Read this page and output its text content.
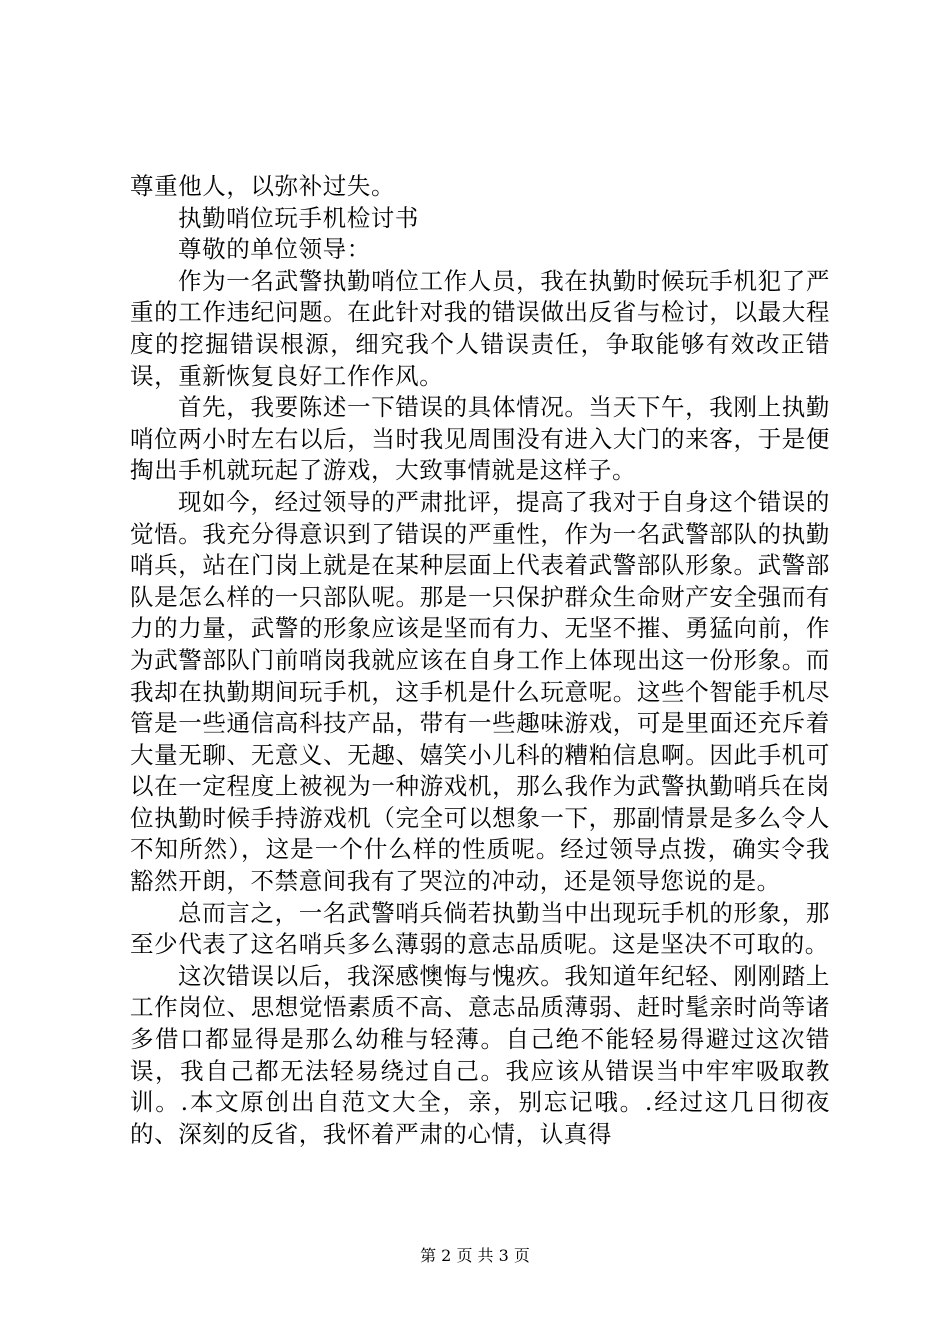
尊重他人，以弥补过失。

执勤哨位玩手机检讨书

尊敬的单位领导：

作为一名武警执勤哨位工作人员，我在执勤时候玩手机犯了严重的工作违纪问题。在此针对我的错误做出反省与检讨，以最大程度的挖掘错误根源，细究我个人错误责任，争取能够有效改正错误，重新恢复良好工作作风。

首先，我要陈述一下错误的具体情况。当天下午，我刚上执勤哨位两小时左右以后，当时我见周围没有进入大门的来客，于是便掏出手机就玩起了游戏，大致事情就是这样子。

现如今，经过领导的严肃批评，提高了我对于自身这个错误的觉悟。我充分得意识到了错误的严重性，作为一名武警部队的执勤哨兵，站在门岗上就是在某种层面上代表着武警部队形象。武警部队是怎么样的一只部队呢。那是一只保护群众生命财产安全强而有力的力量，武警的形象应该是坚而有力、无坚不摧、勇猛向前，作为武警部队门前哨岗我就应该在自身工作上体现出这一份形象。而我却在执勤期间玩手机，这手机是什么玩意呢。这些个智能手机尽管是一些通信高科技产品，带有一些趣味游戏，可是里面还充斥着大量无聊、无意义、无趣、嬉笑小儿科的糟粕信息啊。因此手机可以在一定程度上被视为一种游戏机，那么我作为武警执勤哨兵在岗位执勤时候手持游戏机（完全可以想象一下，那副情景是多么令人不知所然），这是一个什么样的性质呢。经过领导点拨，确实令我豁然开朗，不禁意间我有了哭泣的冲动，还是领导您说的是。

总而言之，一名武警哨兵倘若执勤当中出现玩手机的形象，那至少代表了这名哨兵多么薄弱的意志品质呢。这是坚决不可取的。

这次错误以后，我深感懊悔与愧疚。我知道年纪轻、刚刚踏上工作岗位、思想觉悟素质不高、意志品质薄弱、赶时髦亲时尚等诸多借口都显得是那么幼稚与轻薄。自己绝不能轻易得避过这次错误，我自己都无法轻易绕过自己。我应该从错误当中牢牢吸取教训。.本文原创出自范文大全，亲，别忘记哦。.经过这几日彻夜的、深刻的反省，我怀着严肃的心情，认真得

第 2 页 共 3 页
